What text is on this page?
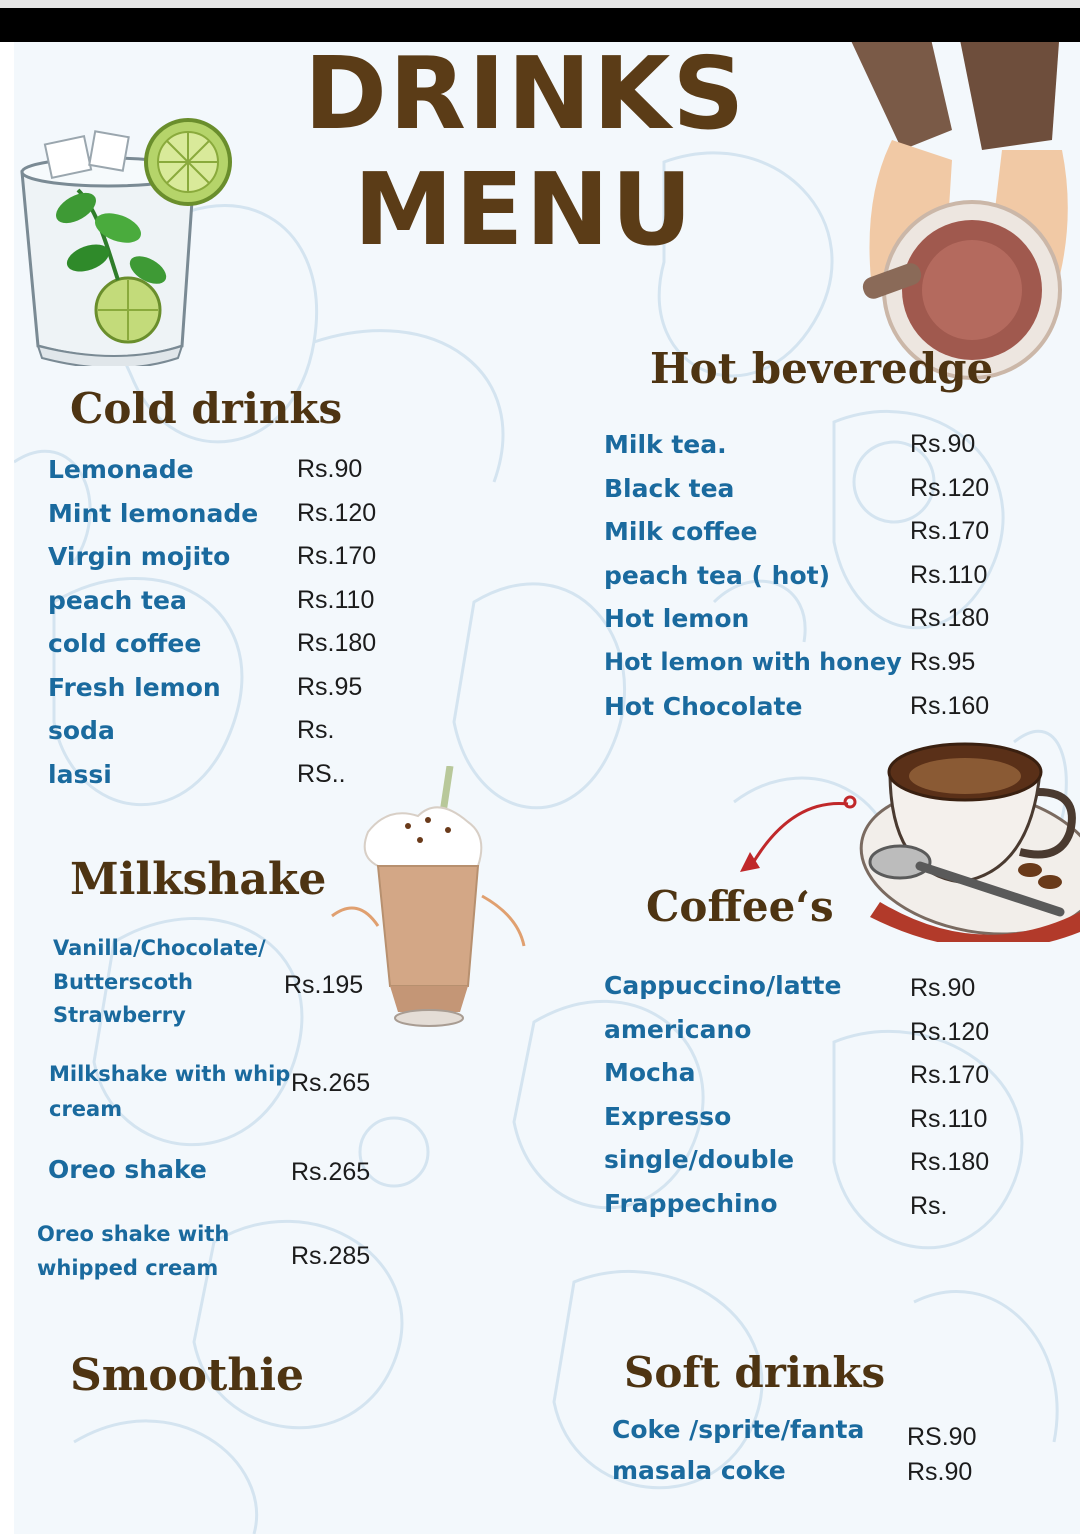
DRINKS
MENU
Cold drinks
Hot beveredge
Milkshake
Coffee‘s
Smoothie	Soft drinks
Lemonade	Rs.90
Mint lemonade Rs.120
Virgin mojito	Rs.170
peach tea	Rs.110
cold coffee	Rs.180
Fresh lemon	Rs.95
soda	Rs.
lassi	RS..
Milk tea.	Rs.90
Black tea	Rs.120
Milk coffee	Rs.170
peach tea ( hot)	Rs.110
Hot lemon	Rs.180
Hot lemon with honey Rs.95
Hot Chocolate	Rs.160
Vanilla/Chocolate/
Butterscoth
Strawberry
Rs.195
Milkshake with whip
cream
Rs.265
Oreo shake	Rs.265
Oreo shake with
whipped cream	Rs.285
Cappuccino/latte	Rs.90
americano	Rs.120
Mocha	Rs.170
Expresso	Rs.110
single/double	Rs.180
Frappechino	Rs.
Coke /sprite/fanta RS.90
masala coke	Rs.90
